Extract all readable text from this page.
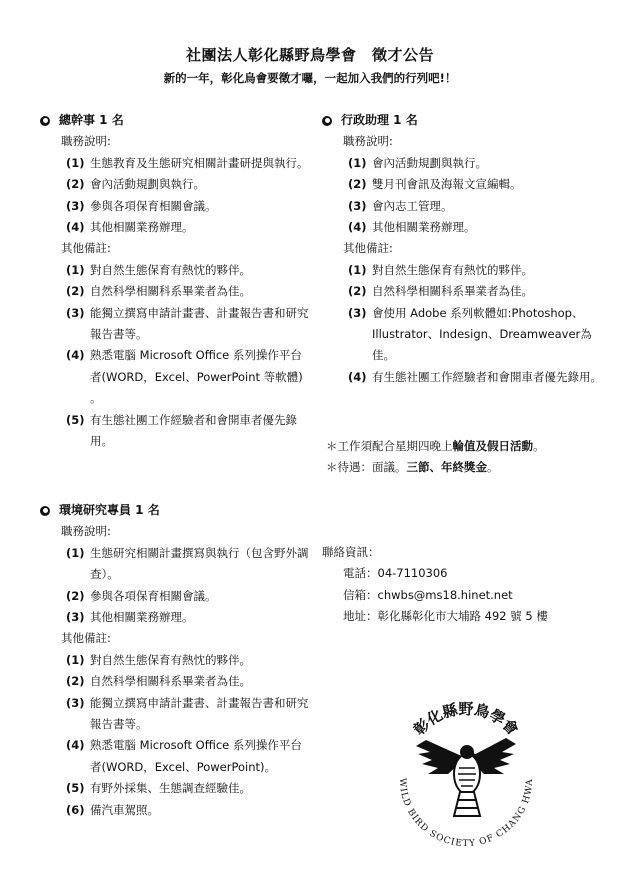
社團法人彰化縣野鳥學會　徵才公告
新的一年，彰化烏會要徵才囉，一起加入我們的行列吧!！
總幹事 1 名
職務說明:
(1) 生態教育及生態研究相關計畫研提與執行。
(2) 會內活動規劃與執行。
(3) 參與各項保育相關會議。
(4) 其他相關業務辦理。
其他備註:
(1) 對自然生態保育有熱忱的夥伴。
(2) 自然科學相關科系畢業者為佳。
(3) 能獨立撰寫申請計畫書、計畫報告書和研究報告書等。
(4) 熟悉電腦 Microsoft Office 系列操作平台者(WORD，Excel、PowerPoint 等軟體) 。
(5) 有生態社團工作經驗者和會開車者優先錄用。
行政助理 1 名
職務說明:
(1) 會內活動規劃與執行。
(2) 雙月刊會訊及海報文宣編輯。
(3) 會內志工管理。
(4) 其他相關業務辦理。
其他備註:
(1) 對自然生態保育有熱忱的夥伴。
(2) 自然科學相關科系畢業者為佳。
(3) 會使用 Adobe 系列軟體如:Photoshop、Illustrator、Indesign、Dreamweaver為佳。
(4) 有生態社團工作經驗者和會開車者優先錄用。
＊工作須配合星期四晚上輪值及假日活動。
＊待遇：面議。三節、年終獎金。
環境研究專員 1 名
職務說明:
(1) 生態研究相關計畫撰寫與執行（包含野外調查）。
(2) 參與各項保育相關會議。
(3) 其他相關業務辦理。
其他備註:
(1) 對自然生態保育有熱忱的夥伴。
(2) 自然科學相關科系畢業者為佳。
(3) 能獨立撰寫申請計畫書、計畫報告書和研究報告書等。
(4) 熟悉電腦 Microsoft Office 系列操作平台者(WORD，Excel、PowerPoint)。
(5) 有野外採集、生態調查經驗佳。
(6) 備汽車駕照。
聯絡資訊：
電話：04-7110306
信箱：chwbs@ms18.hinet.net
地址：彰化縣彰化市大埔路 492 號 5 樓
彰化縣野鳥學會
WILD BIRD SOCIETY OF CHANG HWA
